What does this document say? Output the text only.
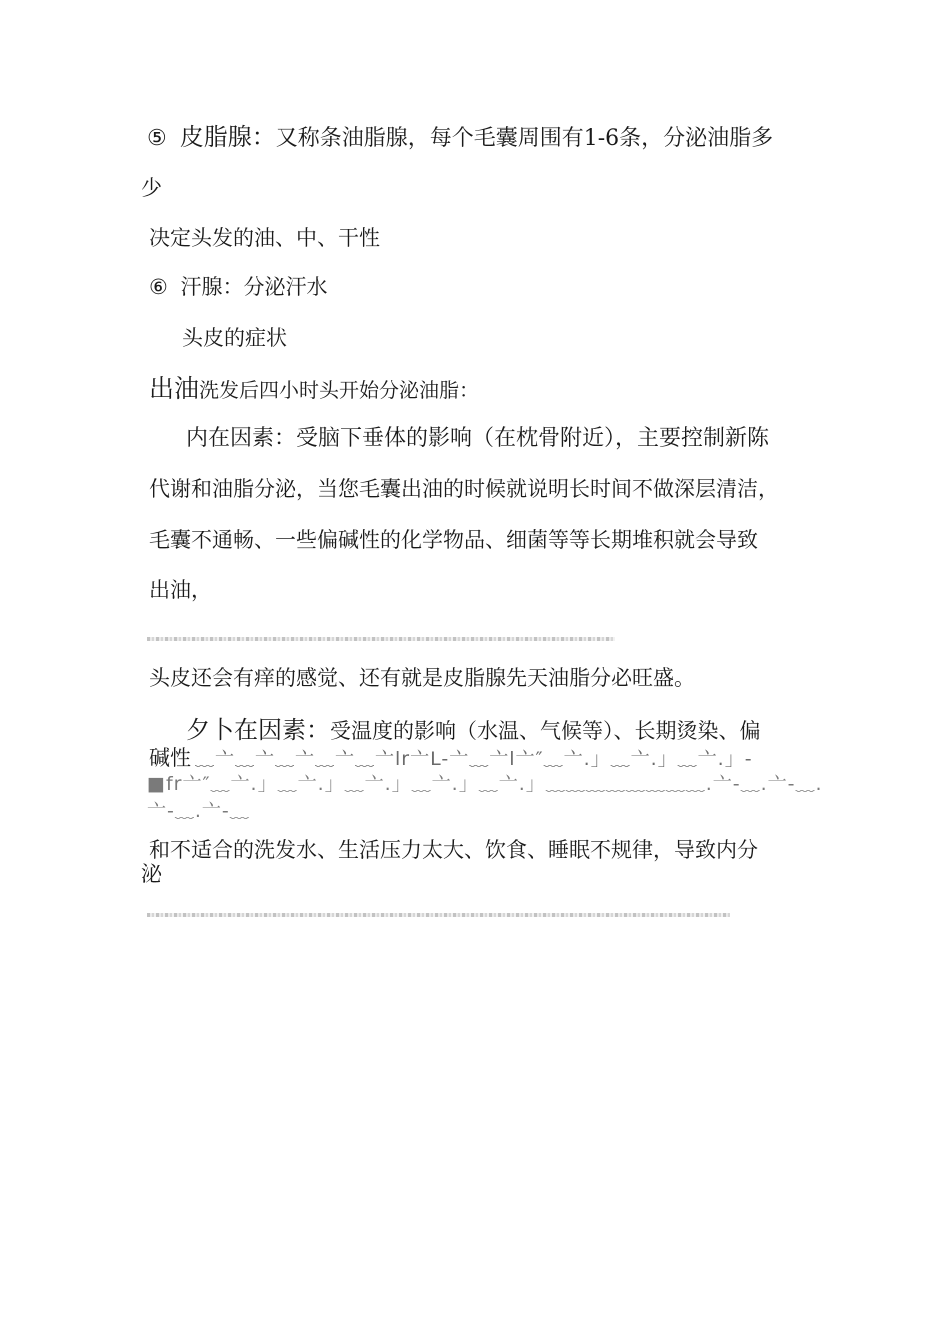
⑤ 皮脂腺：又称条油脂腺，每个毛囊周围有1-6条，分泌油脂多
少
决定头发的油、中、干性
⑥ 汗腺：分泌汗水
头皮的症状
出油洗发后四小时头开始分泌油脂：
内在因素：受脑下垂体的影响（在枕骨附近），主要控制新陈
代谢和油脂分泌，当您毛囊出油的时候就说明长时间不做深层清洁，
毛囊不通畅、一些偏碱性的化学物品、细菌等等长期堆积就会导致
出油，
头皮还会有痒的感觉、还有就是皮脂腺先天油脂分必旺盛。
夕卜在因素：受温度的影响（水温、气候等）、长期烫染、偏
碱性 ﹏亠﹏亠﹏亠﹏亠﹏亠lr亠L-亠﹏亠l亠″﹏亠.」﹏亠.」﹏亠.」-
■fr亠″﹏亠.」﹏亠.」﹏亠.」﹏亠.」﹏亠.」﹏﹏﹏﹏﹏﹏﹏﹏.亠-﹏.亠-﹏.
亠-﹏.亠-﹏
和不适合的洗发水、生活压力太大、饮食、睡眠不规律，导致内分
泌
